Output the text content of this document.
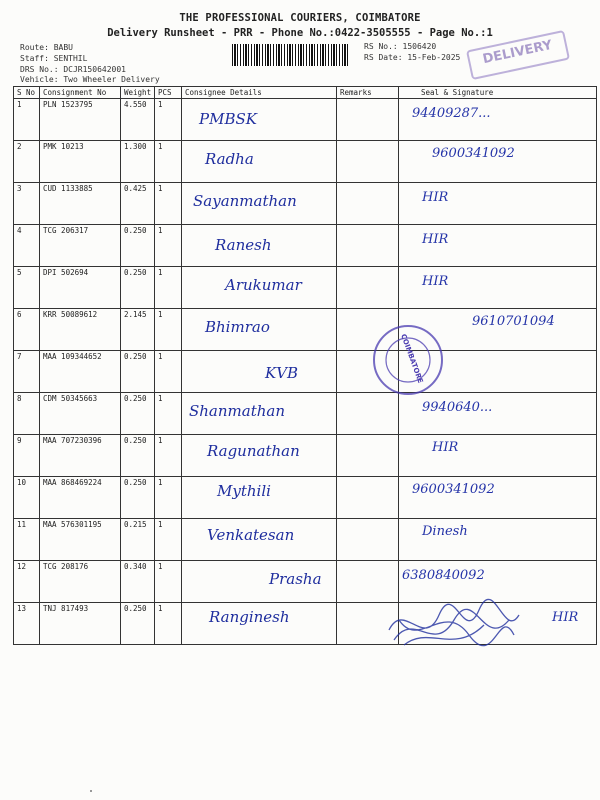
THE PROFESSIONAL COURIERS, COIMBATORE
Delivery Runsheet - PRR - Phone No.:0422-3505555 - Page No.:1
Route: BABU
Staff: SENTHIL
DRS No.: DCJR150642001
Vehicle: Two Wheeler Delivery
RS No.: 1506420
RS Date: 15-Feb-2025	DELIVERY
S No	Consignment No	Weight	PCS	Consignee Details	Remarks	Seal & Signature
1	PLN 1523795	4.550	1	PMBSK		94409287...
2	PMK 10213	1.300	1	Radha		9600341092
3	CUD 1133885	0.425	1	Sayanmathan		HIR
4	TCG 206317	0.250	1	Ranesh		HIR
5	DPI 502694	0.250	1	Arukumar		HIR
6	KRR 50089612	2.145	1	Bhimrao		9610701094
7	MAA 109344652	0.250	1	KVB		
8	CDM 50345663	0.250	1	Shanmathan		9940640...
9	MAA 707230396	0.250	1	Ragunathan		HIR
10	MAA 868469224	0.250	1	Mythili		9600341092
11	MAA 576301195	0.215	1	Venkatesan		Dinesh
12	TCG 208176	0.340	1	Prasha		6380840092
13	TNJ 817493	0.250	1	Ranginesh		HIR
COIMBATORE
